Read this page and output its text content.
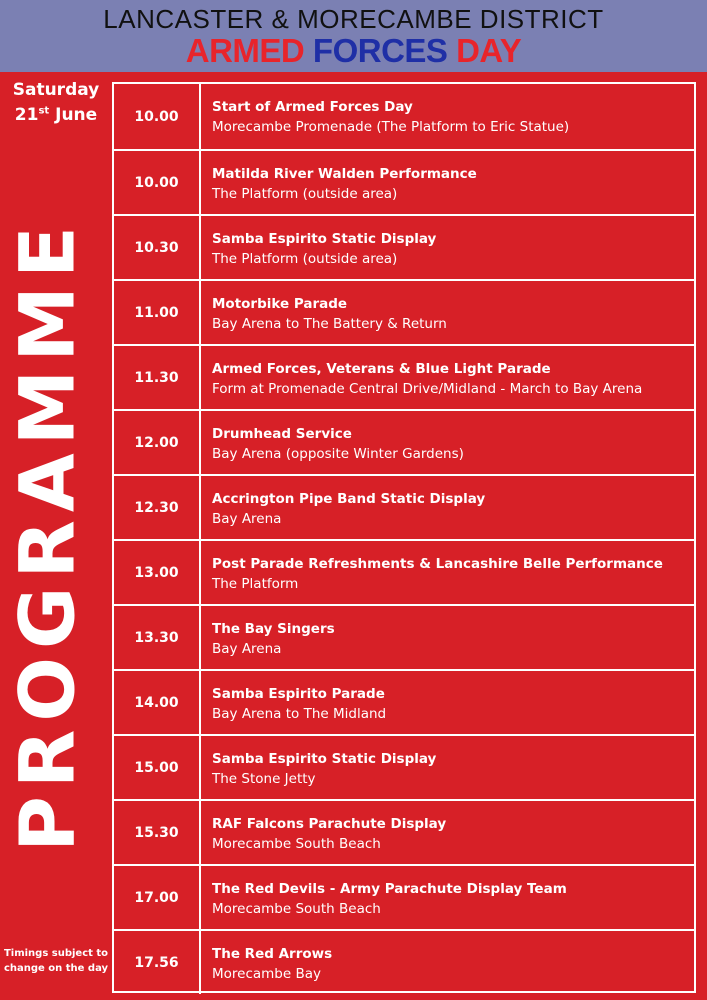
LANCASTER & MORECAMBE DISTRICT
ARMED FORCES DAY
Saturday
21st June
PROGRAMME
Timings subject to
change on the day
10.00
Start of Armed Forces Day
Morecambe Promenade (The Platform to Eric Statue)
10.00
Matilda River Walden Performance
The Platform (outside area)
10.30
Samba Espirito Static Display
The Platform (outside area)
11.00
Motorbike Parade
Bay Arena to The Battery & Return
11.30
Armed Forces, Veterans & Blue Light Parade
Form at Promenade Central Drive/Midland - March to Bay Arena
12.00
Drumhead Service
Bay Arena (opposite Winter Gardens)
12.30
Accrington Pipe Band Static Display
Bay Arena
13.00
Post Parade Refreshments & Lancashire Belle Performance
The Platform
13.30
The Bay Singers
Bay Arena
14.00
Samba Espirito Parade
Bay Arena to The Midland
15.00
Samba Espirito Static Display
The Stone Jetty
15.30
RAF Falcons Parachute Display
Morecambe South Beach
17.00
The Red Devils - Army Parachute Display Team
Morecambe South Beach
17.56
The Red Arrows
Morecambe Bay
